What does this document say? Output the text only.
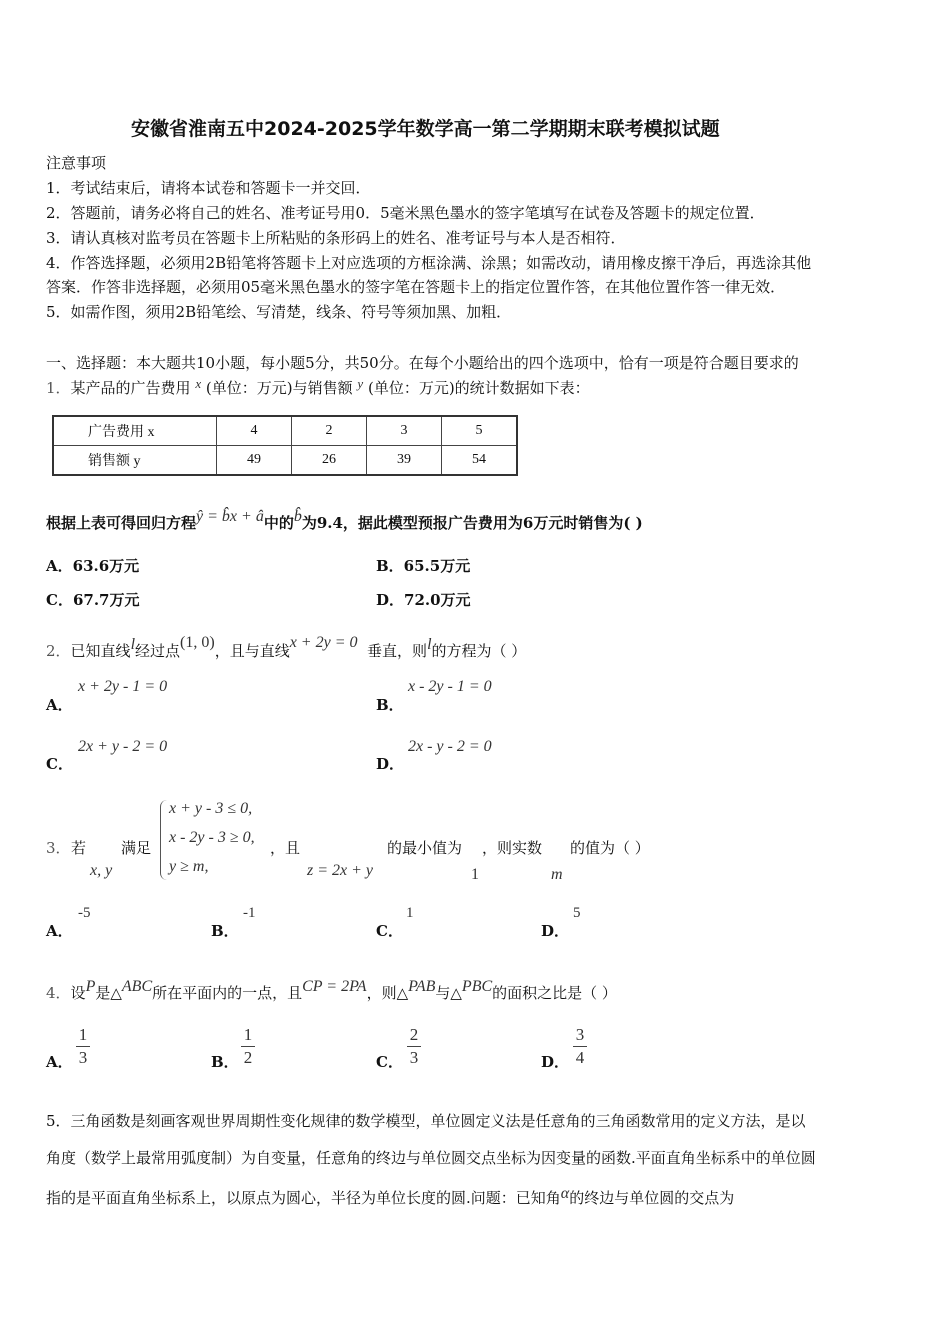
安徽省淮南五中2024-2025学年数学高一第二学期期末联考模拟试题
注意事项
1．考试结束后，请将本试卷和答题卡一并交回．
2．答题前，请务必将自己的姓名、准考证号用0．5毫米黑色墨水的签字笔填写在试卷及答题卡的规定位置．
3．请认真核对监考员在答题卡上所粘贴的条形码上的姓名、准考证号与本人是否相符．
4．作答选择题，必须用2B铅笔将答题卡上对应选项的方框涂满、涂黑；如需改动，请用橡皮擦干净后，再选涂其他
答案．作答非选择题，必须用05毫米黑色墨水的签字笔在答题卡上的指定位置作答，在其他位置作答一律无效．
5．如需作图，须用2B铅笔绘、写清楚，线条、符号等须加黑、加粗．
一、选择题：本大题共10小题，每小题5分，共50分。在每个小题给出的四个选项中，恰有一项是符合题目要求的
1．某产品的广告费用 x (单位：万元)与销售额 y (单位：万元)的统计数据如下表：
广告费用 x	4	2	3	5
销售额 y	49	26	39	54
根据上表可得回归方程ŷ = b̂x + â中的b̂为9.4，据此模型预报广告费用为6万元时销售为( )
A．63.6万元	B．65.5万元
C．67.7万元	D．72.0万元
2．已知直线l经过点(1, 0)，且与直线x + 2y = 0 垂直，则l的方程为（ ）
A．
x + 2y - 1 = 0
B．
x - 2y - 1 = 0
C．
2x + y - 2 = 0
D．
2x - y - 2 = 0
3． 若
x, y
满足
x + y - 3 ≤ 0,
x - 2y - 3 ≥ 0,
y ≥ m,
，且
z = 2x + y
的最小值为
1
，则实数
m
的值为（ ）
A．
-5
B．
-1
C．
1
D．
5
4．设P是△ABC所在平面内的一点，且CP = 2PA，则△PAB与△PBC的面积之比是（ ）
A．
1
3	B．
1
2	C．
2
3	D．
3
4
5．三角函数是刻画客观世界周期性变化规律的数学模型，单位圆定义法是任意角的三角函数常用的定义方法，是以
角度（数学上最常用弧度制）为自变量，任意角的终边与单位圆交点坐标为因变量的函数.平面直角坐标系中的单位圆
指的是平面直角坐标系上，以原点为圆心，半径为单位长度的圆.问题：已知角α的终边与单位圆的交点为
